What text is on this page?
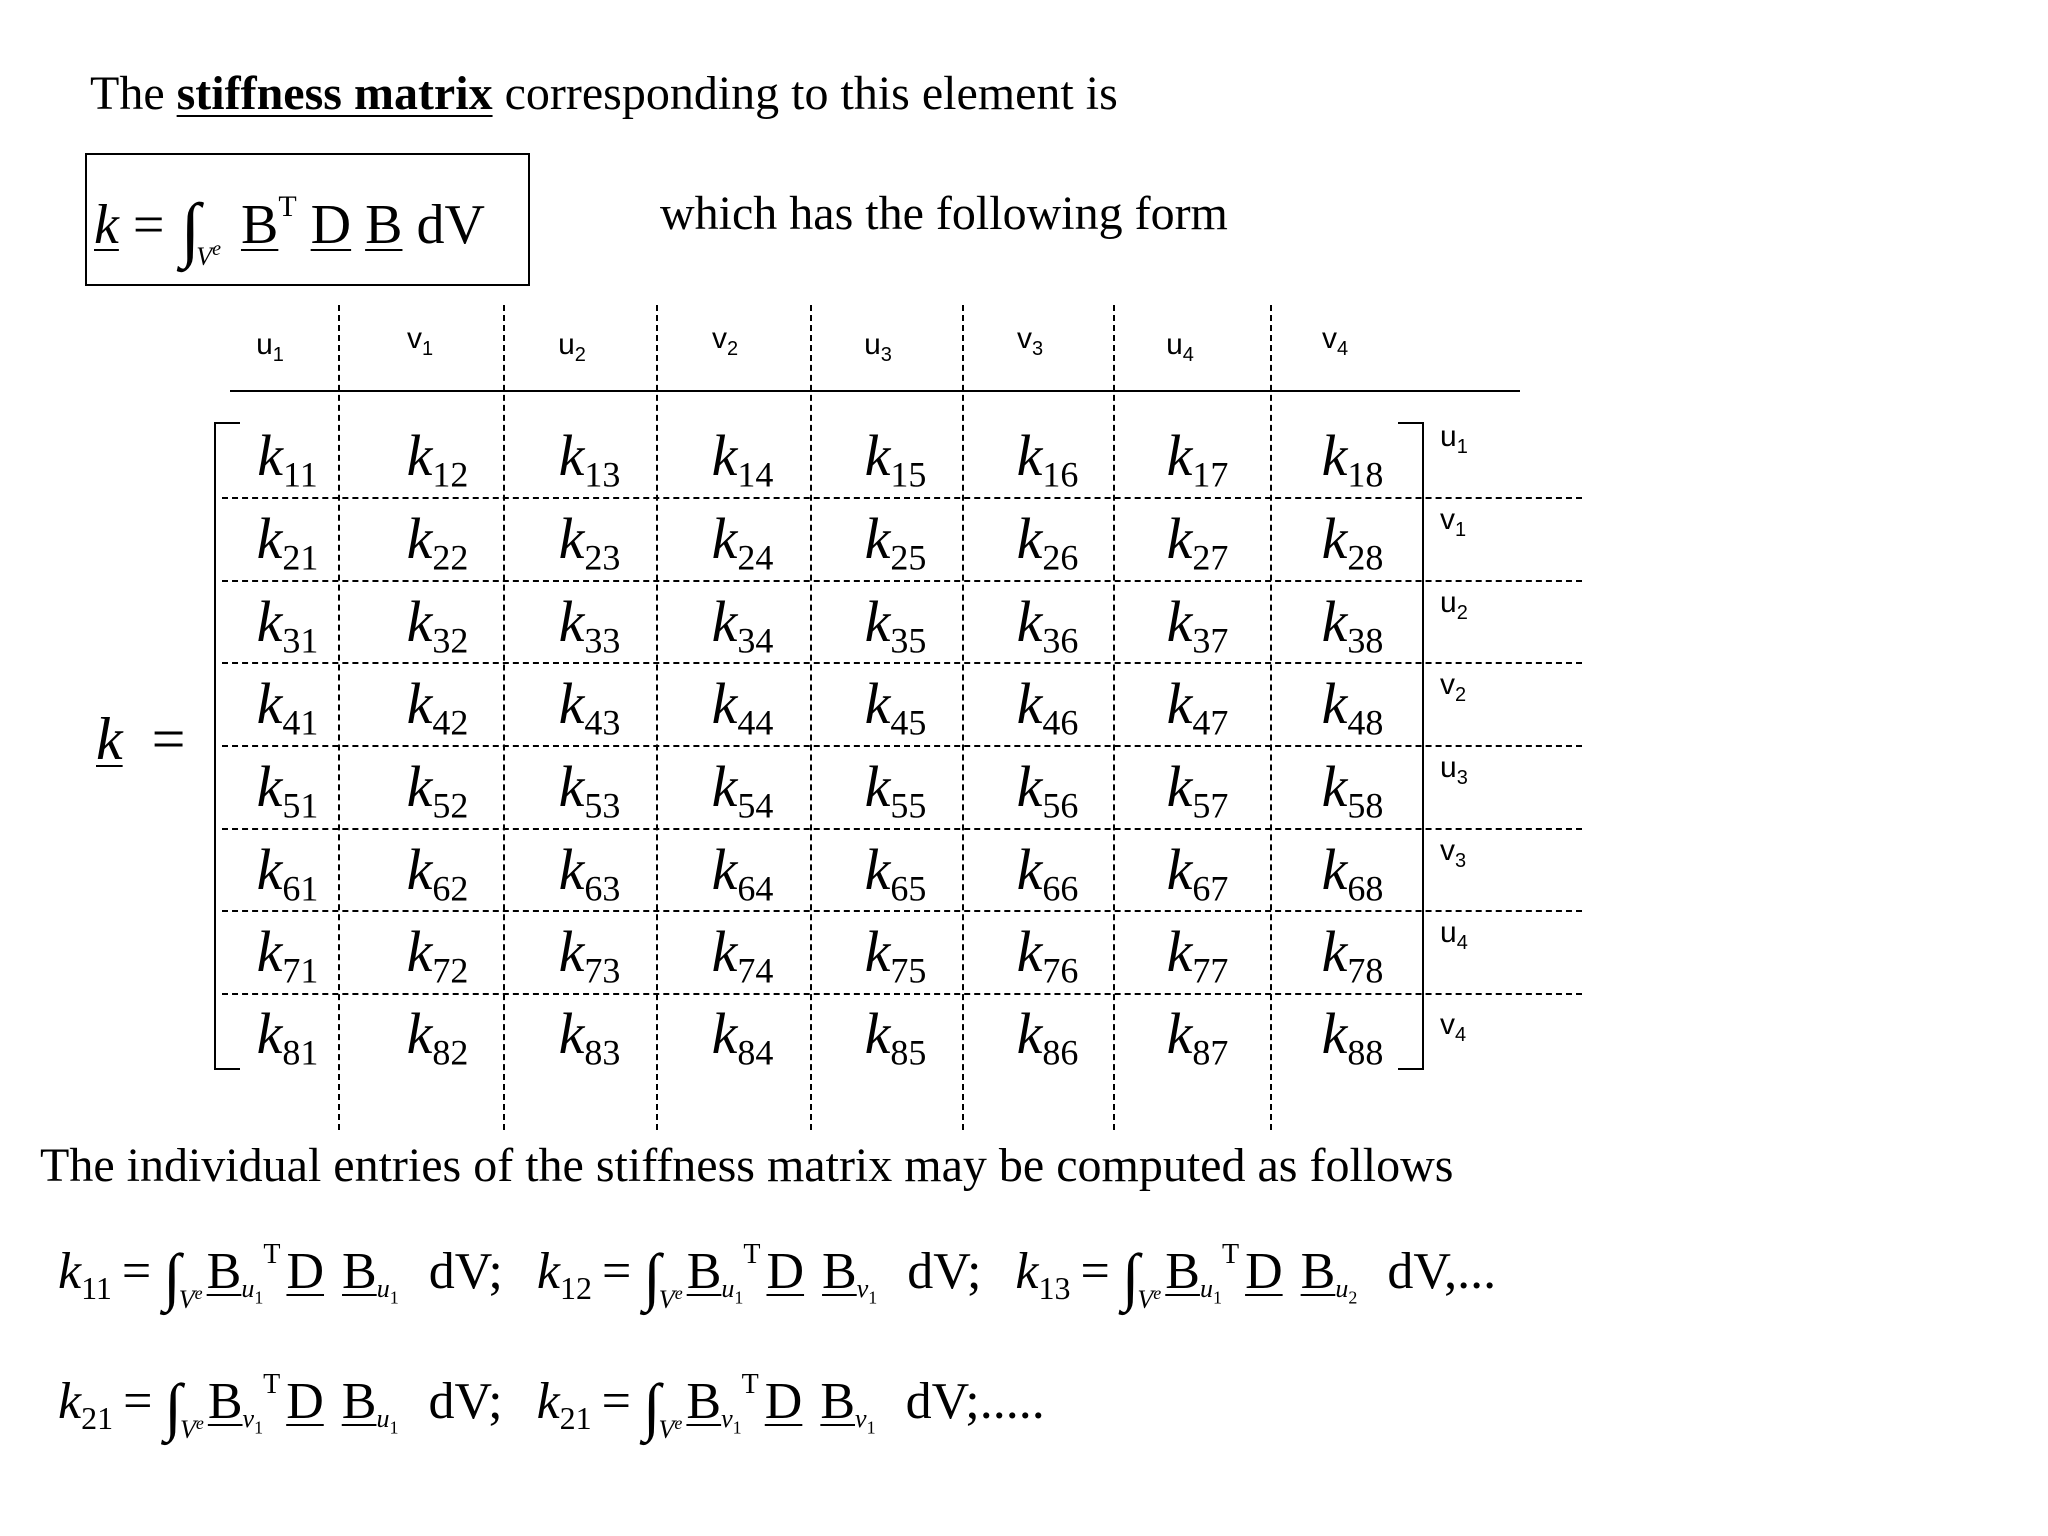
The stiffness matrix corresponding to this element is
$k = \int_{V^e}$ $B^T$ D B dV	which has the following form
k =
$u_1$	$v_1$	$u_2$	$v_2$	$u_3$	$v_3$	$u_4$	$v_4$
$u_1$
$v_1$
$u_2$
$v_2$
$u_3$
$v_3$
$u_4$
$v_4$
$k_{11}$	$k_{12}$	$k_{13}$	$k_{14}$	$k_{15}$	$k_{16}$	$k_{17}$	$k_{18}$
$k_{21}$	$k_{22}$	$k_{23}$	$k_{24}$	$k_{25}$	$k_{26}$	$k_{27}$	$k_{28}$
$k_{31}$	$k_{32}$	$k_{33}$	$k_{34}$	$k_{35}$	$k_{36}$	$k_{37}$	$k_{38}$
$k_{41}$	$k_{42}$	$k_{43}$	$k_{44}$	$k_{45}$	$k_{46}$	$k_{47}$	$k_{48}$
$k_{51}$	$k_{52}$	$k_{53}$	$k_{54}$	$k_{55}$	$k_{56}$	$k_{57}$	$k_{58}$
$k_{61}$	$k_{62}$	$k_{63}$	$k_{64}$	$k_{65}$	$k_{66}$	$k_{67}$	$k_{68}$
$k_{71}$	$k_{72}$	$k_{73}$	$k_{74}$	$k_{75}$	$k_{76}$	$k_{77}$	$k_{78}$
$k_{81}$	$k_{82}$	$k_{83}$	$k_{84}$	$k_{85}$	$k_{86}$	$k_{87}$	$k_{88}$
The individual entries of the stiffness matrix may be computed as follows
$k_{11} = \int_{V^e}B_{u_1}^T$ D $B_{u_1}$ dV; $k_{12} = \int_{V^e}B_{u_1}^T$ D $B_{v_1}$ dV; $k_{13} = \int_{V^e}B_{u_1}^T$ D $B_{u_2}$ dV,...
$k_{21} = \int_{V^e}B_{v_1}^T$ D $B_{u_1}$ dV; $k_{21} = \int_{V^e}B_{v_1}^T$ D $B_{v_1}$ dV;.....
